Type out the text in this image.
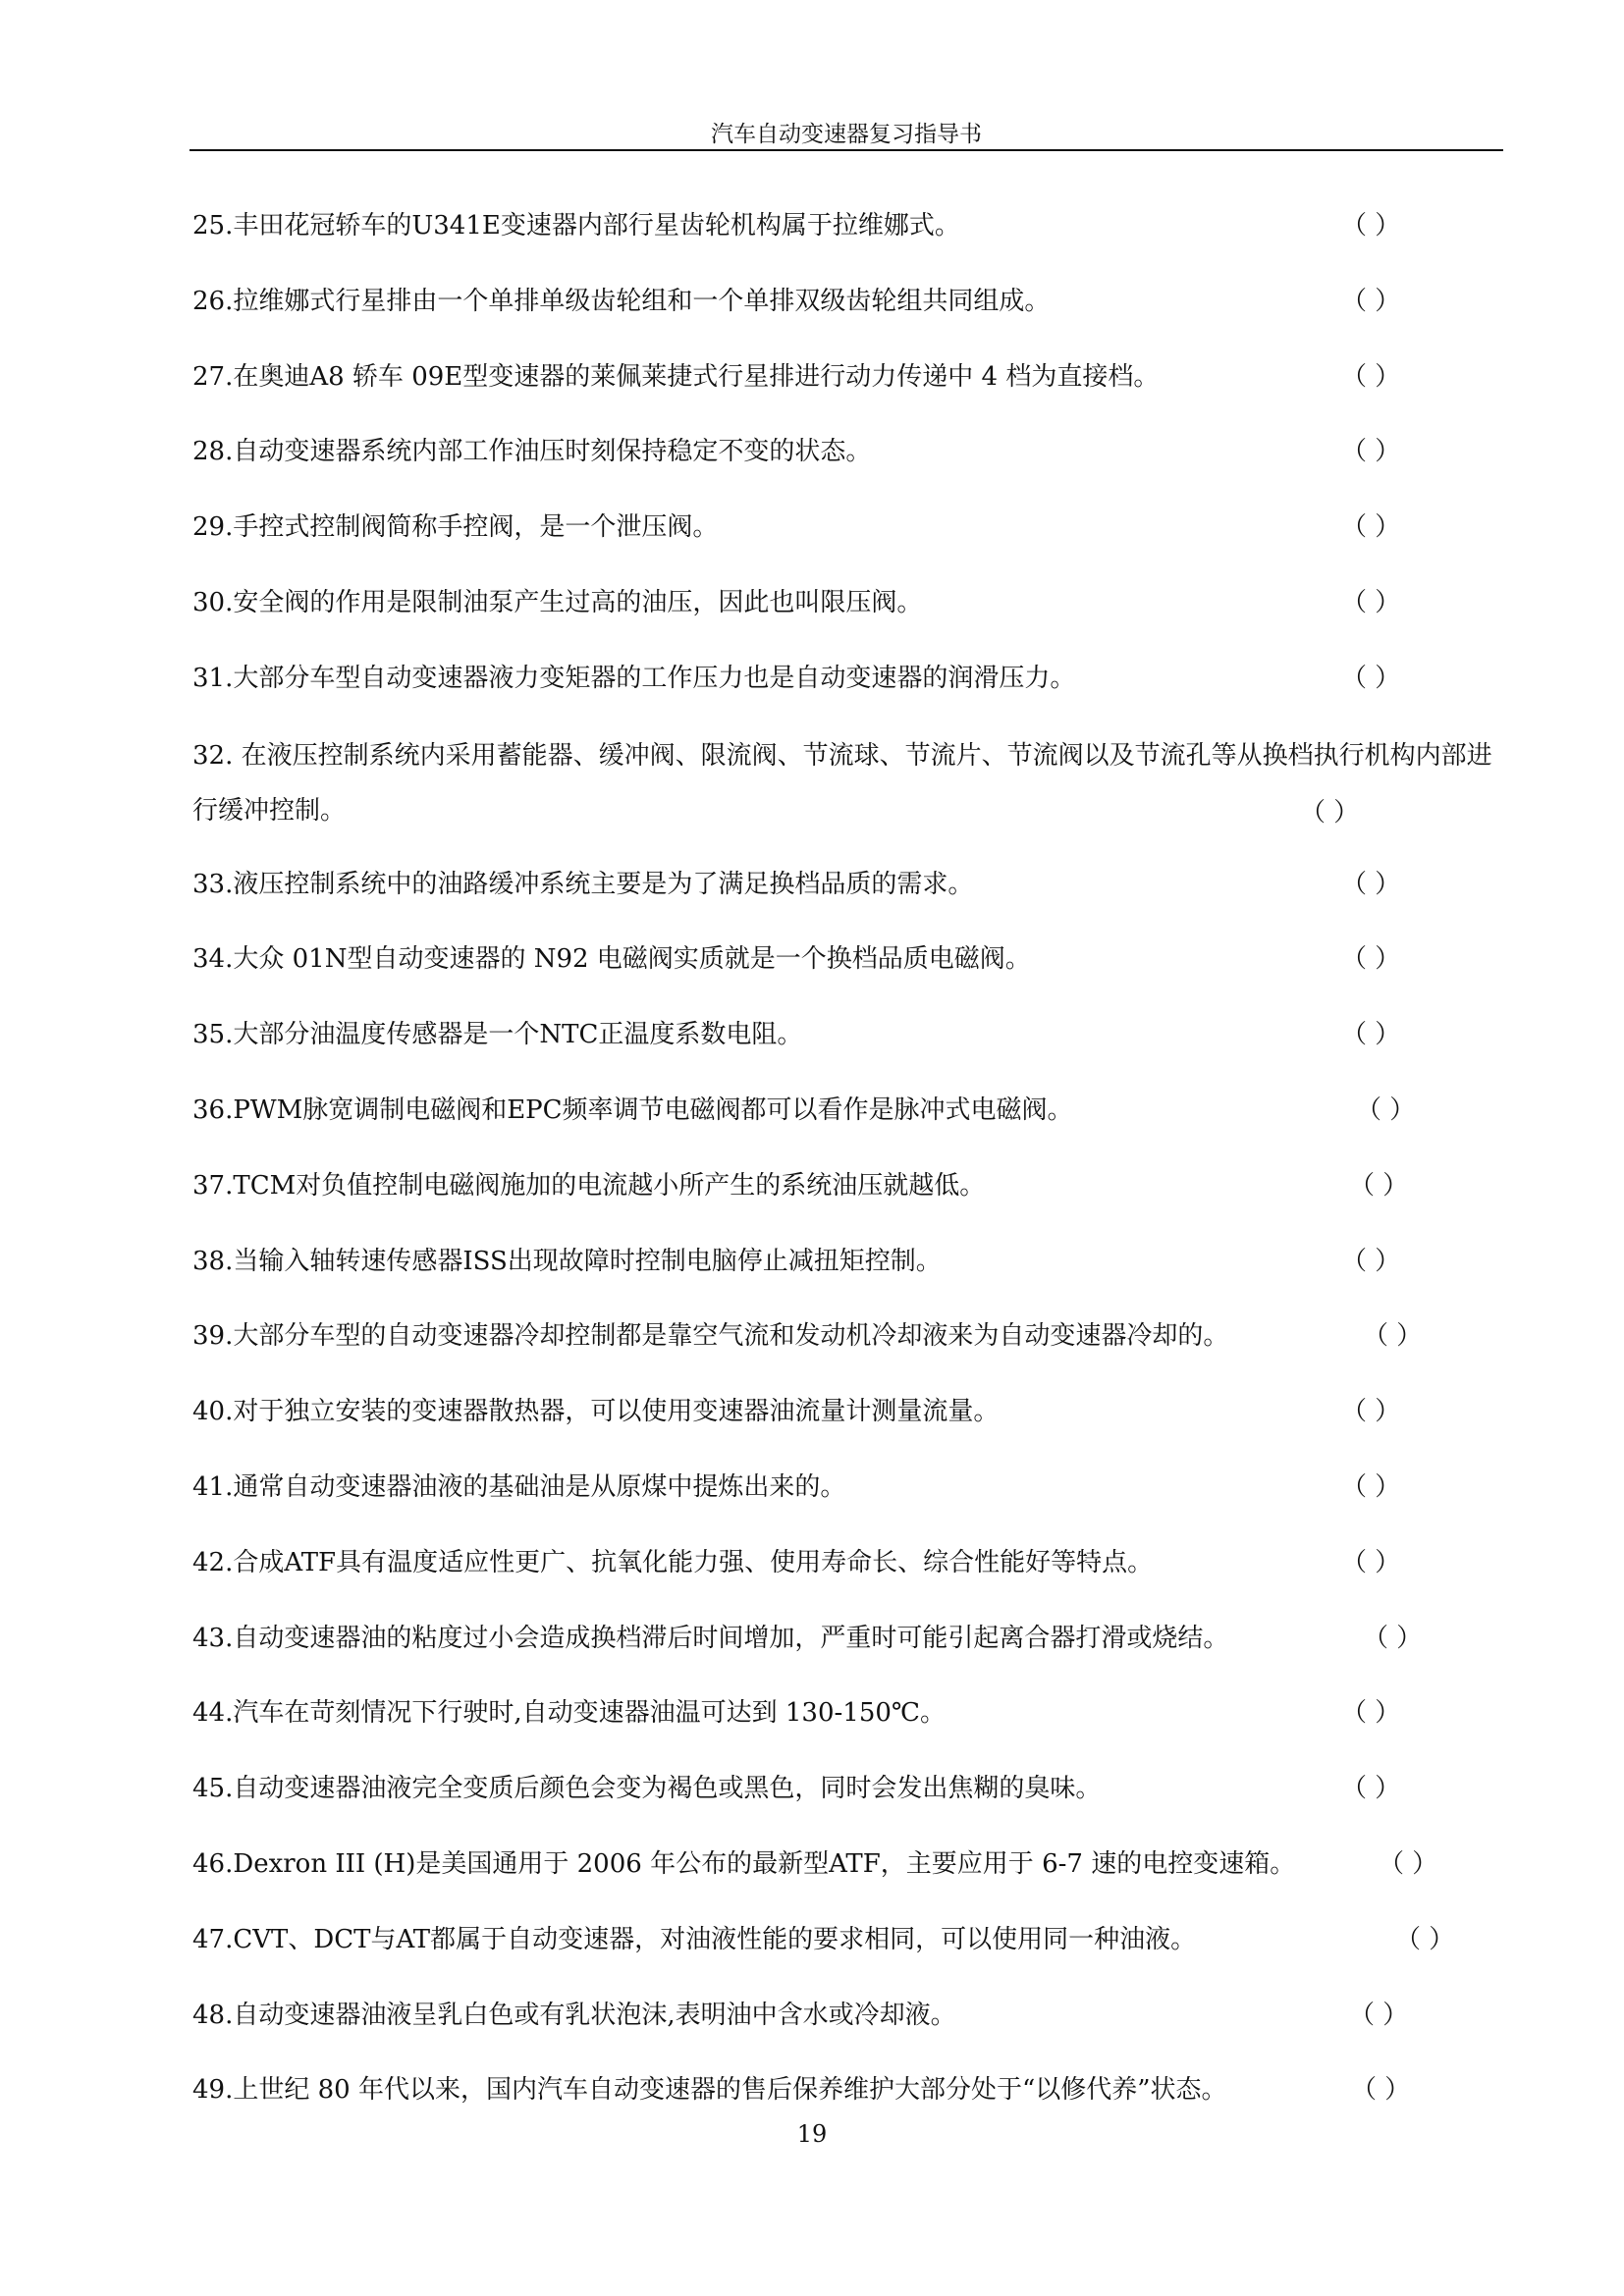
汽车自动变速器复习指导书
25.丰田花冠轿车的U341E变速器内部行星齿轮机构属于拉维娜式。	（ ）
26.拉维娜式行星排由一个单排单级齿轮组和一个单排双级齿轮组共同组成。	（ ）
27.在奥迪A8 轿车 09E型变速器的莱佩莱捷式行星排进行动力传递中 4 档为直接档。	（ ）
28.自动变速器系统内部工作油压时刻保持稳定不变的状态。	（ ）
29.手控式控制阀简称手控阀，是一个泄压阀。	（ ）
30.安全阀的作用是限制油泵产生过高的油压，因此也叫限压阀。	（ ）
31.大部分车型自动变速器液力变矩器的工作压力也是自动变速器的润滑压力。	（ ）
32. 在液压控制系统内采用蓄能器、缓冲阀、限流阀、节流球、节流片、节流阀以及节流孔等从换档执行机构内部进行缓冲控制。	（ ）
33.液压控制系统中的油路缓冲系统主要是为了满足换档品质的需求。	（ ）
34.大众 01N型自动变速器的 N92 电磁阀实质就是一个换档品质电磁阀。	（ ）
35.大部分油温度传感器是一个NTC正温度系数电阻。	（ ）
36.PWM脉宽调制电磁阀和EPC频率调节电磁阀都可以看作是脉冲式电磁阀。	（ ）
37.TCM对负值控制电磁阀施加的电流越小所产生的系统油压就越低。	（ ）
38.当输入轴转速传感器ISS出现故障时控制电脑停止减扭矩控制。	（ ）
39.大部分车型的自动变速器冷却控制都是靠空气流和发动机冷却液来为自动变速器冷却的。	（ ）
40.对于独立安装的变速器散热器，可以使用变速器油流量计测量流量。	（ ）
41.通常自动变速器油液的基础油是从原煤中提炼出来的。	（ ）
42.合成ATF具有温度适应性更广、抗氧化能力强、使用寿命长、综合性能好等特点。	（ ）
43.自动变速器油的粘度过小会造成换档滞后时间增加，严重时可能引起离合器打滑或烧结。	（ ）
44.汽车在苛刻情况下行驶时,自动变速器油温可达到 130-150℃。	（ ）
45.自动变速器油液完全变质后颜色会变为褐色或黑色，同时会发出焦糊的臭味。	（ ）
46.Dexron III (H)是美国通用于 2006 年公布的最新型ATF，主要应用于 6-7 速的电控变速箱。	（ ）
47.CVT、DCT与AT都属于自动变速器，对油液性能的要求相同，可以使用同一种油液。	（ ）
48.自动变速器油液呈乳白色或有乳状泡沫,表明油中含水或冷却液。	（ ）
49.上世纪 80 年代以来，国内汽车自动变速器的售后保养维护大部分处于“以修代养”状态。	（ ）
19
